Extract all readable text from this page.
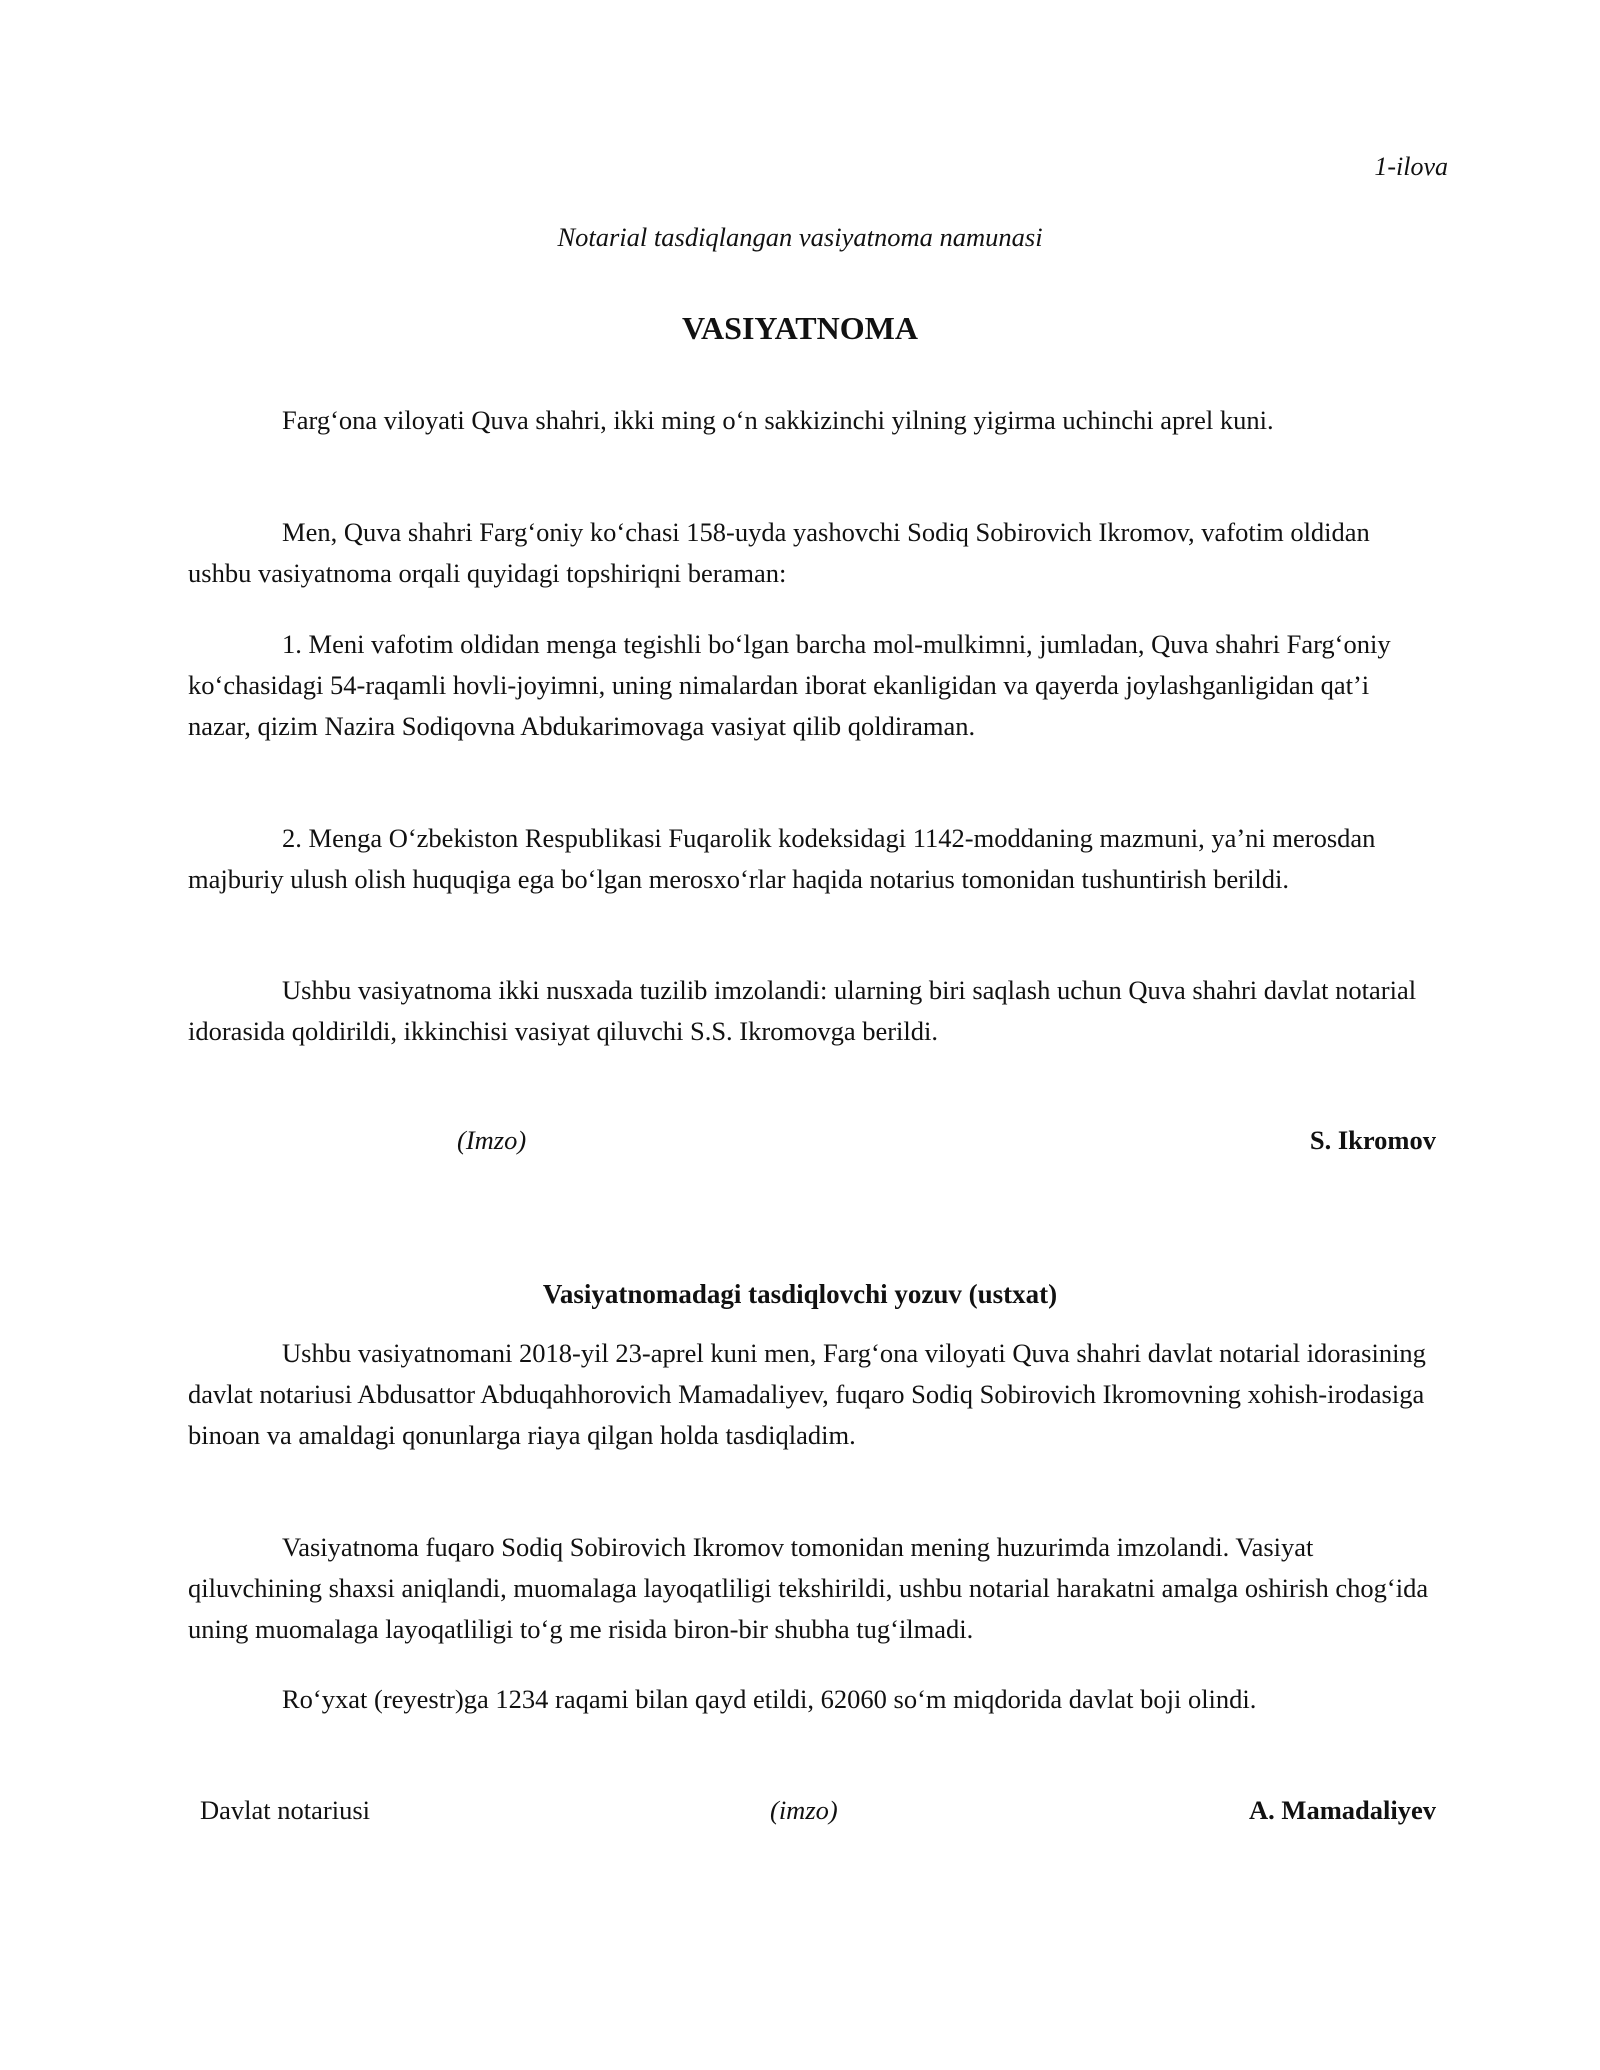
1-ilova
Notarial tasdiqlangan vasiyatnoma namunasi
VASIYATNOMA

Farg‘ona viloyati Quva shahri, ikki ming o‘n sakkizinchi yilning yigirma uchinchi aprel kuni.

Men, Quva shahri Farg‘oniy ko‘chasi 158-uyda yashovchi Sodiq Sobirovich Ikromov, vafotim oldidan ushbu vasiyatnoma orqali quyidagi topshiriqni beraman:

1. Meni vafotim oldidan menga tegishli bo‘lgan barcha mol-mulkimni, jumladan, Quva shahri Farg‘oniy ko‘chasidagi 54-raqamli hovli-joyimni, uning nimalardan iborat ekanligidan va qayerda joylashganligidan qat’i nazar, qizim Nazira Sodiqovna Abdukarimovaga vasiyat qilib qoldiraman.

2. Menga O‘zbekiston Respublikasi Fuqarolik kodeksidagi 1142-moddaning mazmuni, ya’ni merosdan majburiy ulush olish huquqiga ega bo‘lgan merosxo‘rlar haqida notarius tomonidan tushuntirish berildi.

Ushbu vasiyatnoma ikki nusxada tuzilib imzolandi: ularning biri saqlash uchun Quva shahri davlat notarial idorasida qoldirildi, ikkinchisi vasiyat qiluvchi S.S. Ikromovga berildi.

(Imzo)	S. Ikromov
Vasiyatnomadagi tasdiqlovchi yozuv (ustxat)

Ushbu vasiyatnomani 2018-yil 23-aprel kuni men, Farg‘ona viloyati Quva shahri davlat notarial idorasining davlat notariusi Abdusattor Abduqahhorovich Mamadaliyev, fuqaro Sodiq Sobirovich Ikromovning xohish-irodasiga binoan va amaldagi qonunlarga riaya qilgan holda tasdiqladim.

Vasiyatnoma fuqaro Sodiq Sobirovich Ikromov tomonidan mening huzurimda imzolandi. Vasiyat qiluvchining shaxsi aniqlandi, muomalaga layoqatliligi tekshirildi, ushbu notarial harakatni amalga oshirish chog‘ida uning muomalaga layoqatliligi to‘g me risida biron-bir shubha tug‘ilmadi.

Ro‘yxat (reyestr)ga 1234 raqami bilan qayd etildi, 62060 so‘m miqdorida davlat boji olindi.

Davlat notariusi	(imzo)	A. Mamadaliyev
